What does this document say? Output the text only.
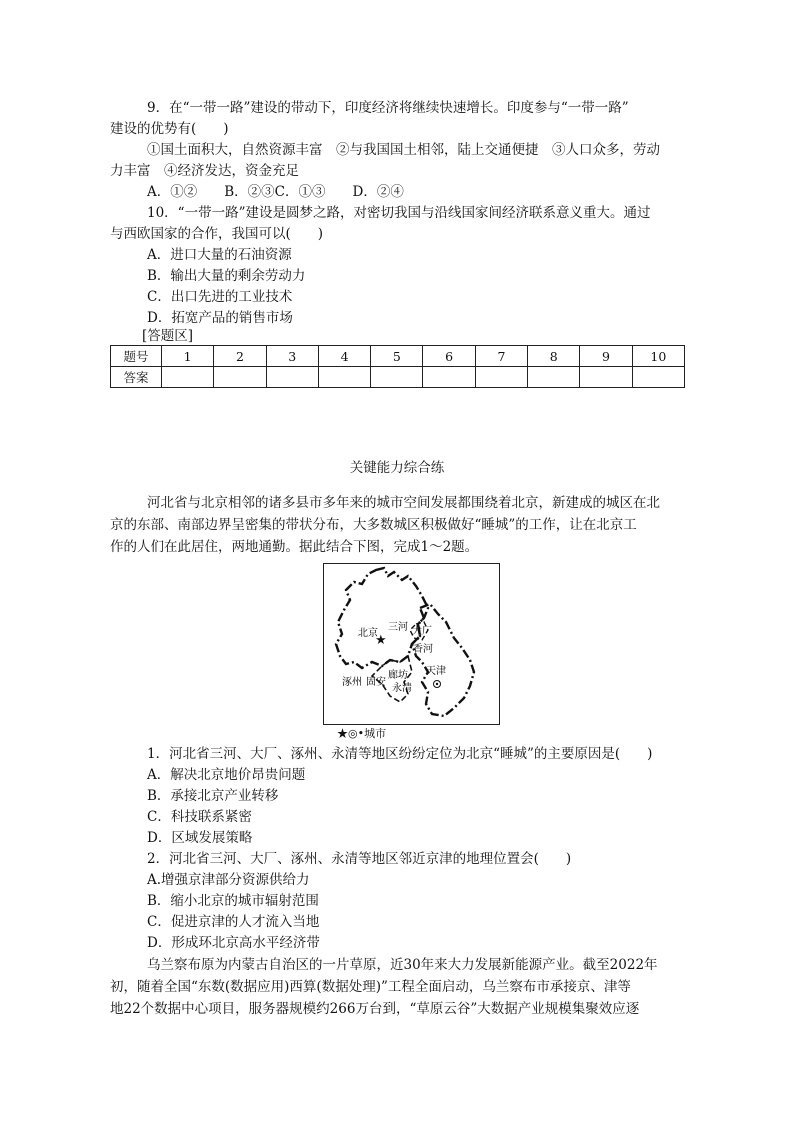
9．在“一带一路”建设的带动下，印度经济将继续快速增长。印度参与“一带一路”
建设的优势有(　　)
①国土面积大，自然资源丰富　②与我国国土相邻，陆上交通便捷　③人口众多，劳动
力丰富　④经济发达，资金充足
A．①②　　B．②③C．①③　　D．②④
10．“一带一路”建设是圆梦之路，对密切我国与沿线国家间经济联系意义重大。通过
与西欧国家的合作，我国可以(　　)
A．进口大量的石油资源
B．输出大量的剩余劳动力
C．出口先进的工业技术
D．拓宽产品的销售市场
[答题区]
题号	1	2	3	4	5	6	7	8	9	10
答案										
关键能力综合练
河北省与北京相邻的诸多县市多年来的城市空间发展都围绕着北京，新建成的城区在北
京的东部、南部边界呈密集的带状分布，大多数城区积极做好“睡城”的工作，让在北京工
作的人们在此居住，两地通勤。据此结合下图，完成1～2题。
★
北京
三河 大厂
香河
天津
廊坊
涿州 固安
永清
★◎•城市
1．河北省三河、大厂、涿州、永清等地区纷纷定位为北京“睡城”的主要原因是(　　)
A．解决北京地价昂贵问题
B．承接北京产业转移
C．科技联系紧密
D．区域发展策略
2．河北省三河、大厂、涿州、永清等地区邻近京津的地理位置会(　　)
A.增强京津部分资源供给力
B．缩小北京的城市辐射范围
C．促进京津的人才流入当地
D．形成环北京高水平经济带
乌兰察布原为内蒙古自治区的一片草原，近30年来大力发展新能源产业。截至2022年
初，随着全国“东数(数据应用)西算(数据处理)”工程全面启动，乌兰察布市承接京、津等
地22个数据中心项目，服务器规模约266万台到，“草原云谷”大数据产业规模集聚效应逐
